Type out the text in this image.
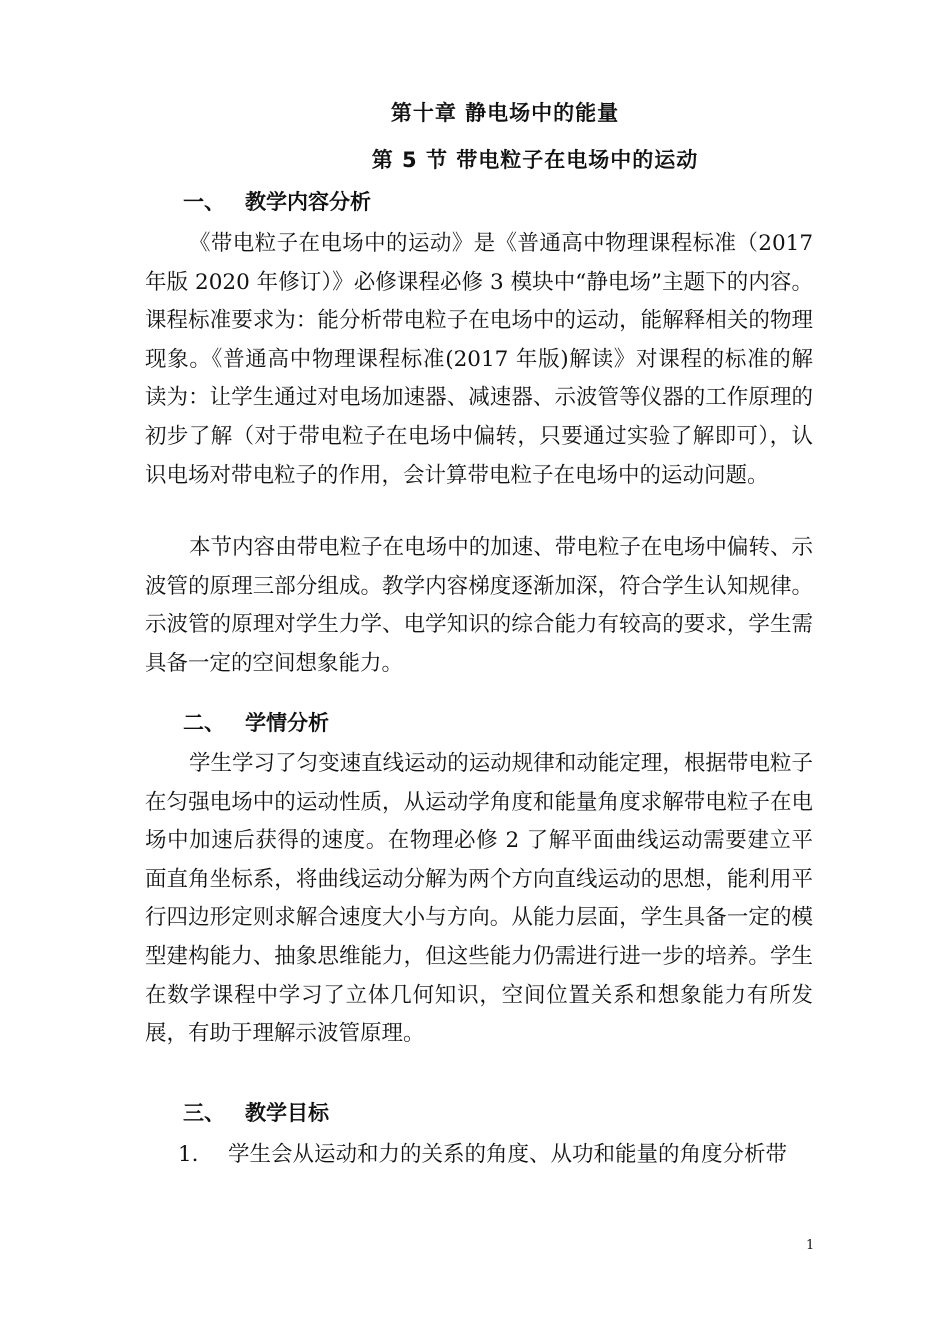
第十章 静电场中的能量
第 5 节 带电粒子在电场中的运动
一、 教学内容分析

《带电粒子在电场中的运动》是《普通高中物理课程标准（2017 年版 2020 年修订）》必修课程必修 3 模块中“静电场”主题下的内容。课程标准要求为：能分析带电粒子在电场中的运动，能解释相关的物理现象。《普通高中物理课程标准(2017 年版)解读》对课程的标准的解读为：让学生通过对电场加速器、减速器、示波管等仪器的工作原理的初步了解（对于带电粒子在电场中偏转，只要通过实验了解即可），认识电场对带电粒子的作用，会计算带电粒子在电场中的运动问题。

本节内容由带电粒子在电场中的加速、带电粒子在电场中偏转、示波管的原理三部分组成。教学内容梯度逐渐加深，符合学生认知规律。示波管的原理对学生力学、电学知识的综合能力有较高的要求，学生需具备一定的空间想象能力。

二、 学情分析

学生学习了匀变速直线运动的运动规律和动能定理，根据带电粒子在匀强电场中的运动性质，从运动学角度和能量角度求解带电粒子在电场中加速后获得的速度。在物理必修 2 了解平面曲线运动需要建立平面直角坐标系，将曲线运动分解为两个方向直线运动的思想，能利用平行四边形定则求解合速度大小与方向。从能力层面，学生具备一定的模型建构能力、抽象思维能力，但这些能力仍需进行进一步的培养。学生在数学课程中学习了立体几何知识，空间位置关系和想象能力有所发展，有助于理解示波管原理。

三、 教学目标
1. 学生会从运动和力的关系的角度、从功和能量的角度分析带
1
